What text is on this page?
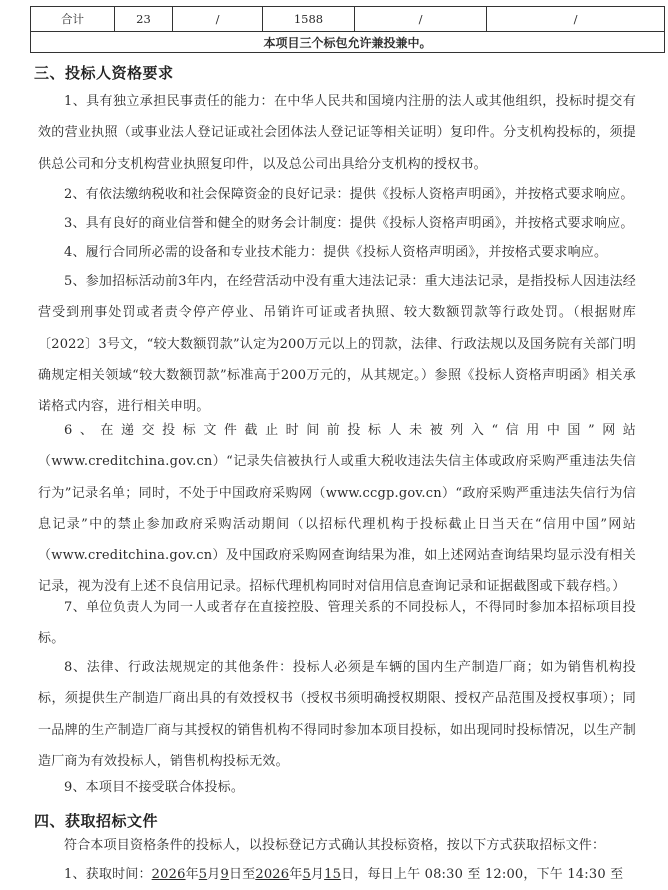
合计	23	/	1588	/	/
本项目三个标包允许兼投兼中。
三、投标人资格要求

1、具有独立承担民事责任的能力：在中华人民共和国境内注册的法人或其他组织，投标时提交有效的营业执照（或事业法人登记证或社会团体法人登记证等相关证明）复印件。分支机构投标的，须提供总公司和分支机构营业执照复印件，以及总公司出具给分支机构的授权书。

2、有依法缴纳税收和社会保障资金的良好记录：提供《投标人资格声明函》，并按格式要求响应。

3、具有良好的商业信誉和健全的财务会计制度：提供《投标人资格声明函》，并按格式要求响应。

4、履行合同所必需的设备和专业技术能力：提供《投标人资格声明函》，并按格式要求响应。

5、参加招标活动前3年内，在经营活动中没有重大违法记录：重大违法记录，是指投标人因违法经营受到刑事处罚或者责令停产停业、吊销许可证或者执照、较大数额罚款等行政处罚。（根据财库〔2022〕3号文，“较大数额罚款”认定为200万元以上的罚款，法律、行政法规以及国务院有关部门明确规定相关领域“较大数额罚款”标准高于200万元的，从其规定。）参照《投标人资格声明函》相关承诺格式内容，进行相关申明。

6、在递交投标文件截止时间前投标人未被列入“信用中国”网站（www.creditchina.gov.cn）“记录失信被执行人或重大税收违法失信主体或政府采购严重违法失信行为”记录名单；同时，不处于中国政府采购网（www.ccgp.gov.cn）“政府采购严重违法失信行为信息记录”中的禁止参加政府采购活动期间（以招标代理机构于投标截止日当天在“信用中国”网站（www.creditchina.gov.cn）及中国政府采购网查询结果为准，如上述网站查询结果均显示没有相关记录，视为没有上述不良信用记录。招标代理机构同时对信用信息查询记录和证据截图或下载存档。）

7、单位负责人为同一人或者存在直接控股、管理关系的不同投标人，不得同时参加本招标项目投标。

8、法律、行政法规规定的其他条件：投标人必须是车辆的国内生产制造厂商；如为销售机构投标，须提供生产制造厂商出具的有效授权书（授权书须明确授权期限、授权产品范围及授权事项）；同一品牌的生产制造厂商与其授权的销售机构不得同时参加本项目投标，如出现同时投标情况，以生产制造厂商为有效投标人，销售机构投标无效。

9、本项目不接受联合体投标。

四、获取招标文件

符合本项目资格条件的投标人，以投标登记方式确认其投标资格，按以下方式获取招标文件：

1、获取时间：2026年5月9日至2026年5月15日，每日上午 08:30 至 12:00，下午 14:30 至
